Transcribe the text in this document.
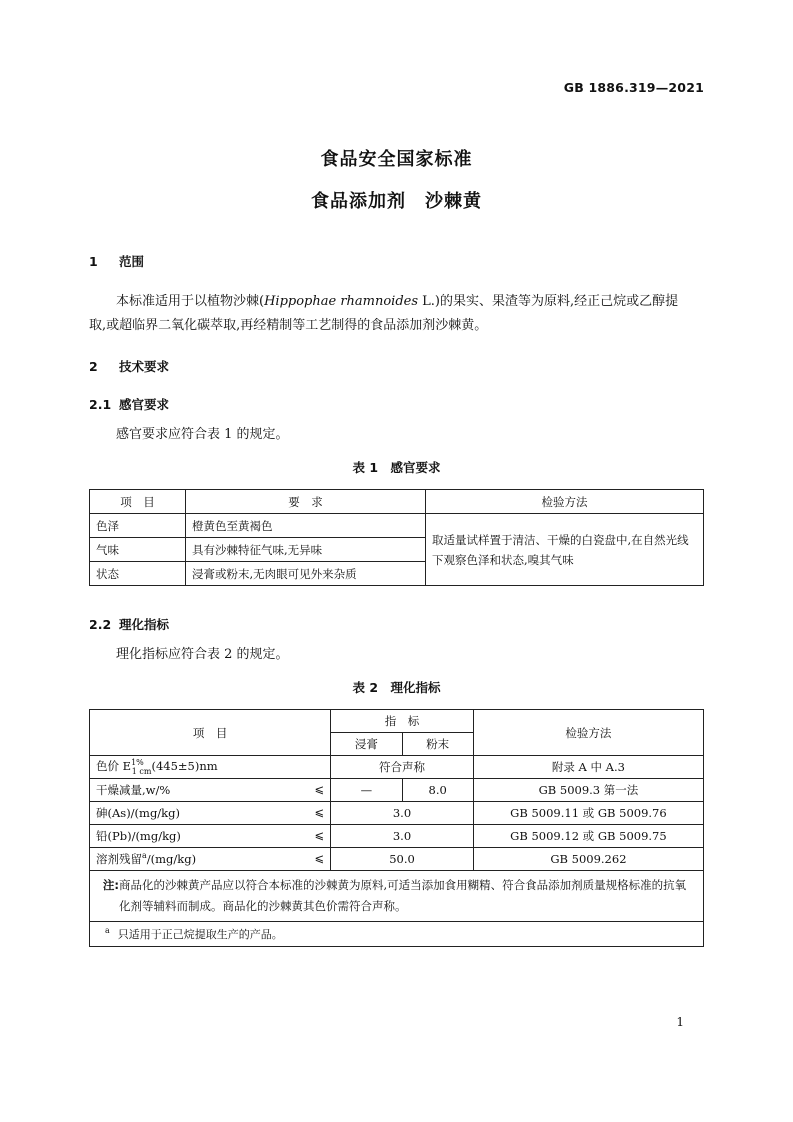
GB 1886.319—2021
食品安全国家标准
食品添加剂　沙棘黄
1 范围
本标准适用于以植物沙棘(Hippophae rhamnoides L.)的果实、果渣等为原料,经正己烷或乙醇提
取,或超临界二氧化碳萃取,再经精制等工艺制得的食品添加剂沙棘黄。
2 技术要求
2.1 感官要求
感官要求应符合表 1 的规定。
表 1　感官要求
项　目	要　求	检验方法
色泽	橙黄色至黄褐色	取适量试样置于清洁、干燥的白瓷盘中,在自然光线下观察色泽和状态,嗅其气味
气味	具有沙棘特征气味,无异味	
状态	浸膏或粉末,无肉眼可见外来杂质	
2.2 理化指标
理化指标应符合表 2 的规定。
表 2　理化指标
项　目	指　标		检验方法
	浸膏	粉末	
色价 $E^{1\%}_{1 cm}(445\pm 5)nm$	符合声称		附录 A 中 A.3
干燥减量,w/% ⩽	—	8.0	GB 5009.3 第一法
砷(As)/(mg/kg) ⩽	3.0		GB 5009.11 或 GB 5009.76
铅(Pb)/(mg/kg) ⩽	3.0		GB 5009.12 或 GB 5009.75
溶剂残留$^a$/(mg/kg) ⩽	50.0		GB 5009.262
注:商品化的沙棘黄产品应以符合本标准的沙棘黄为原料,可适当添加食用糊精、符合食品添加剂质量规格标准的抗氧化剂等辅料而制成。商品化的沙棘黄其色价需符合声称。			
$^a$ 只适用于正己烷提取生产的产品。			
1
